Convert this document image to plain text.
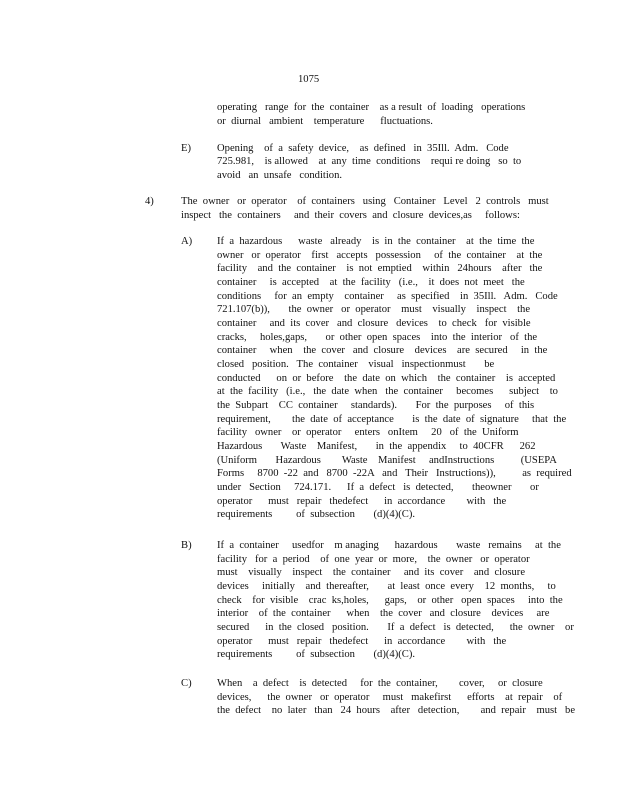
1075
operating   range  for  the  container    as a result  of  loading   operations
or  diurnal   ambient    temperature      fluctuations.
E) Opening    of  a  safety  device,    as  defined   in  35Ill.  Adm.   Code
725.981,    is allowed    at  any  time  conditions    requi re doing   so  to
avoid   an  unsafe   condition.
4)	The  owner   or  operator    of  containers   using   Container   Level   2  controls   must
inspect   the  containers     and  their  covers  and  closure  devices,as     follows:
A) If  a  hazardous      waste   already    is  in  the  container    at  the  time  the
owner   or  operator    first   accepts   possession     of  the  container    at  the
facility    and  the  container    is  not  emptied    within   24hours    after   the
container     is  accepted    at  the  facility   (i.e.,    it  does  not  meet   the
conditions     for  an  empty    container     as  specified    in  35Ill.   Adm.   Code
721.107(b)),       the  owner   or  operator    must    visually    inspect    the
container     and  its  cover   and  closure   devices    to  check   for  visible
cracks,     holes,gaps,       or  other  open  spaces    into  the  interior   of  the
container     when    the  cover   and  closure    devices    are  secured     in  the
closed   position.   The  container    visual   inspectionmust       be
conducted      on  or  before    the  date  on  which    the  container    is  accepted
at  the  facility   (i.e.,   the  date  when   the  container     becomes      subject    to
the  Subpart    CC  container     standards).       For  the  purposes     of  this
requirement,        the  date  of  acceptance       is  the  date  of  signature     that  the
facility   owner    or  operator     enters   onItem     20   of  the  Uniform
Hazardous       Waste    Manifest,       in  the  appendix     to  40CFR      262
(Uniform       Hazardous        Waste    Manifest     andInstructions          (USEPA
Forms     8700  -22  and   8700  -22A   and   Their   Instructions)),          as  required
under   Section     724.171.      If  a  defect   is  detected,       theowner       or
operator      must   repair   thedefect      in  accordance        with   the
requirements         of  subsection       (d)(4)(C).
B) If  a  container     usedfor    m anaging      hazardous       waste   remains     at  the
facility   for  a  period    of  one  year  or  more,    the  owner   or  operator
must    visually    inspect    the  container     and  its  cover    and  closure
devices     initially    and  thereafter,       at  least  once  every    12  months,     to
check    for  visible    crac  ks,holes,      gaps,    or  other   open  spaces     into  the
interior    of  the  container      when    the  cover   and  closure    devices     are
secured      in  the  closed   position.       If  a  defect   is  detected,      the  owner    or
operator      must   repair   thedefect      in  accordance        with   the
requirements         of  subsection       (d)(4)(C).
C) When    a  defect    is  detected     for  the  container,        cover,     or  closure
devices,      the  owner   or  operator     must   makefirst      efforts    at  repair    of
the  defect    no  later   than   24  hours    after   detection,        and  repair    must   be
